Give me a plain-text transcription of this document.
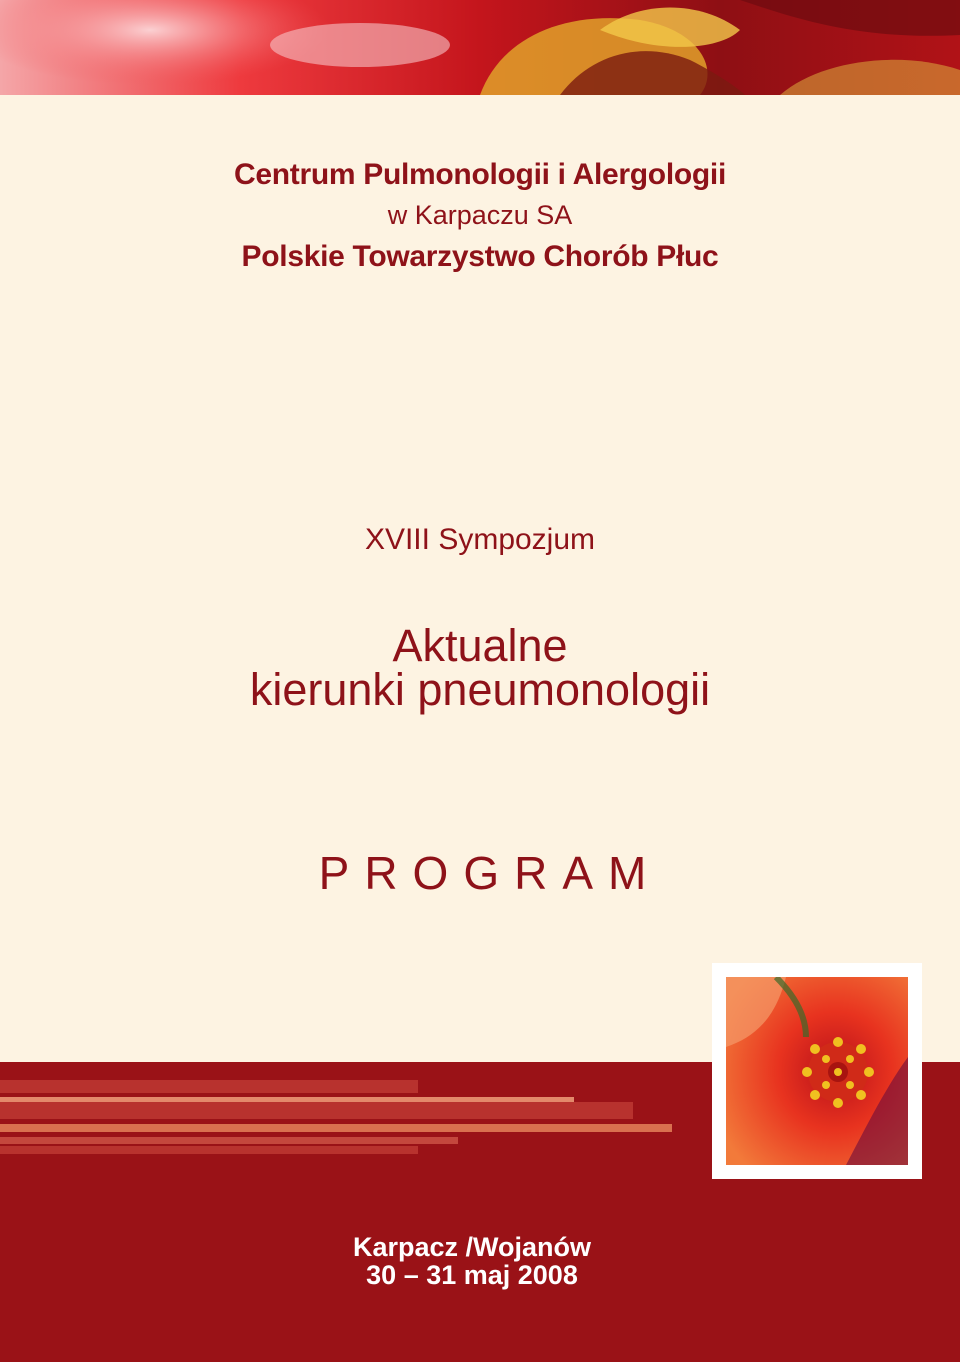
Centrum Pulmonologii i Alergologii
w Karpaczu SA
Polskie Towarzystwo Chorób Płuc
XVIII Sympozjum
Aktualne
kierunki pneumonologii
PROGRAM
Karpacz /Wojanów
30 – 31 maj 2008
